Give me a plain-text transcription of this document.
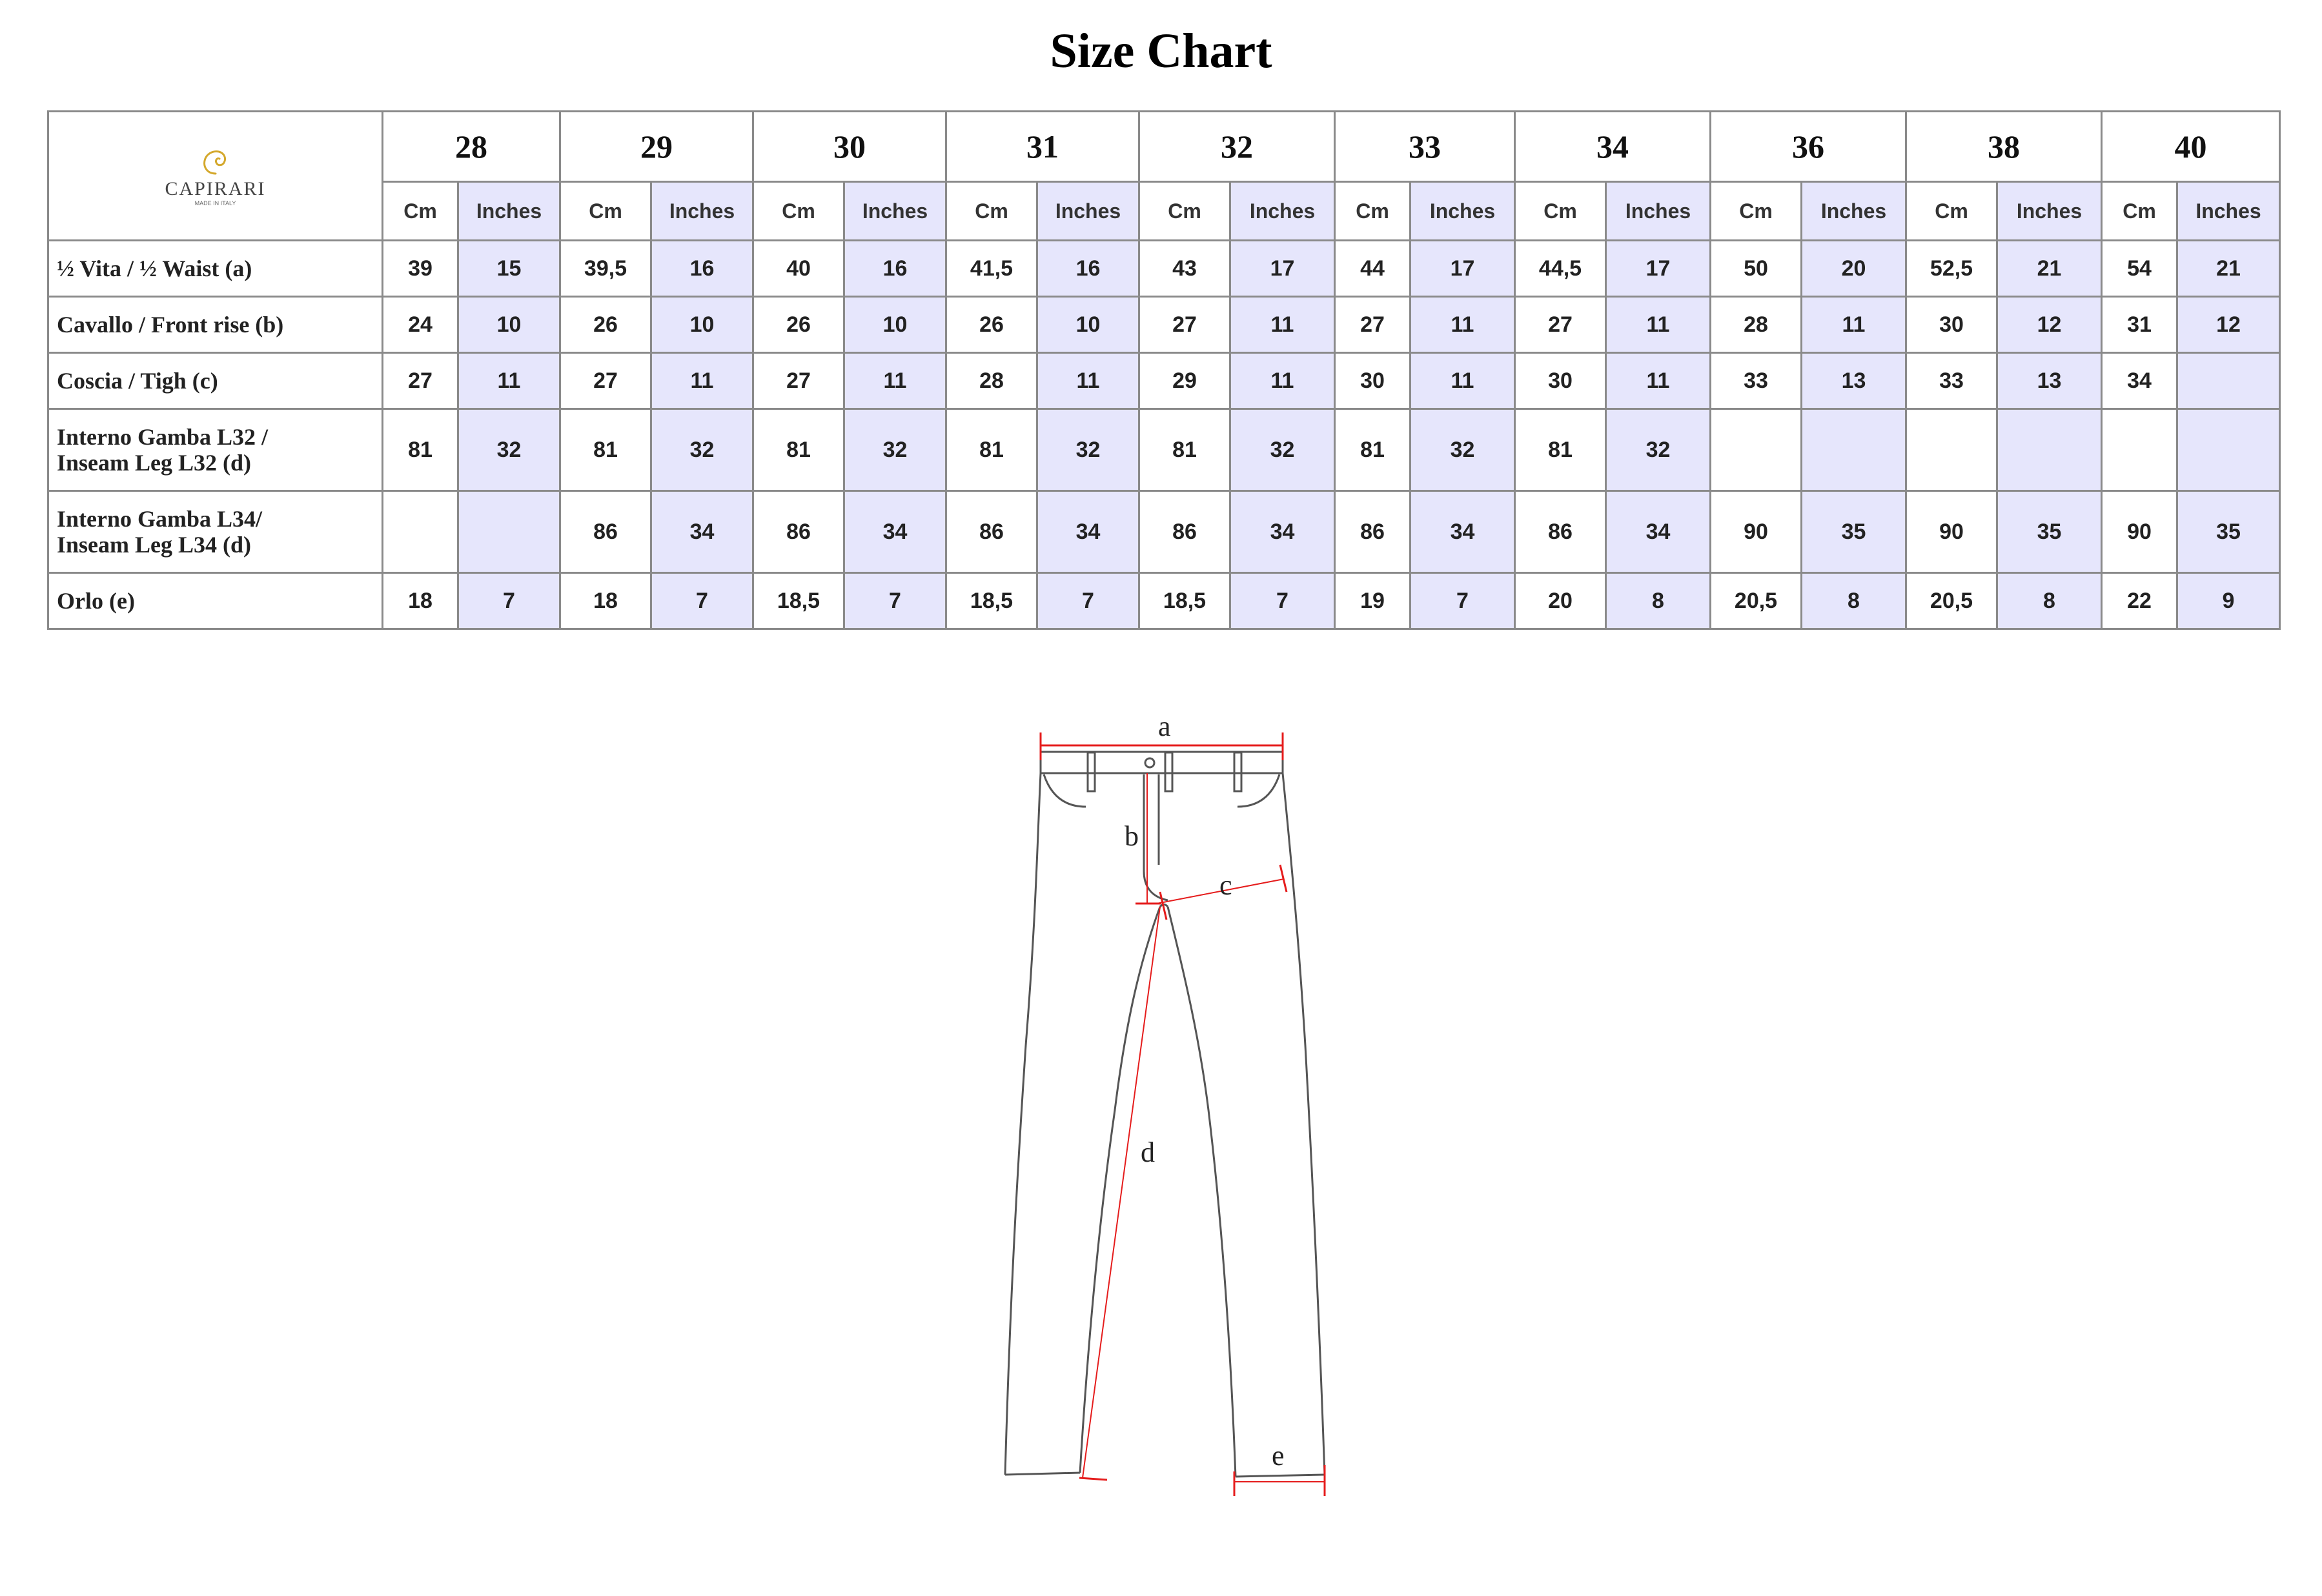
Size Chart
CAPIRARI
MADE IN ITALY	28		29		30		31		32		33		34		36		38		40	
	Cm	Inches	Cm	Inches	Cm	Inches	Cm	Inches	Cm	Inches	Cm	Inches	Cm	Inches	Cm	Inches	Cm	Inches	Cm	Inches

½ Vita / ½ Waist (a)	39	15	39,5	16	40	16	41,5	16	43	17	44	17	44,5	17	50	20	52,5	21	54	21

Cavallo / Front rise (b)	24	10	26	10	26	10	26	10	27	11	27	11	27	11	28	11	30	12	31	12

Coscia / Tigh (c)	27	11	27	11	27	11	28	11	29	11	30	11	30	11	33	13	33	13	34	

Interno Gamba L32 /
Inseam Leg L32 (d)	81	32	81	32	81	32	81	32	81	32	81	32	81	32						

Interno Gamba L34/
Inseam Leg L34 (d)			86	34	86	34	86	34	86	34	86	34	86	34	90	35	90	35	90	35

Orlo (e)	18	7	18	7	18,5	7	18,5	7	18,5	7	19	7	20	8	20,5	8	20,5	8	22	9
a
b
c
d
e
